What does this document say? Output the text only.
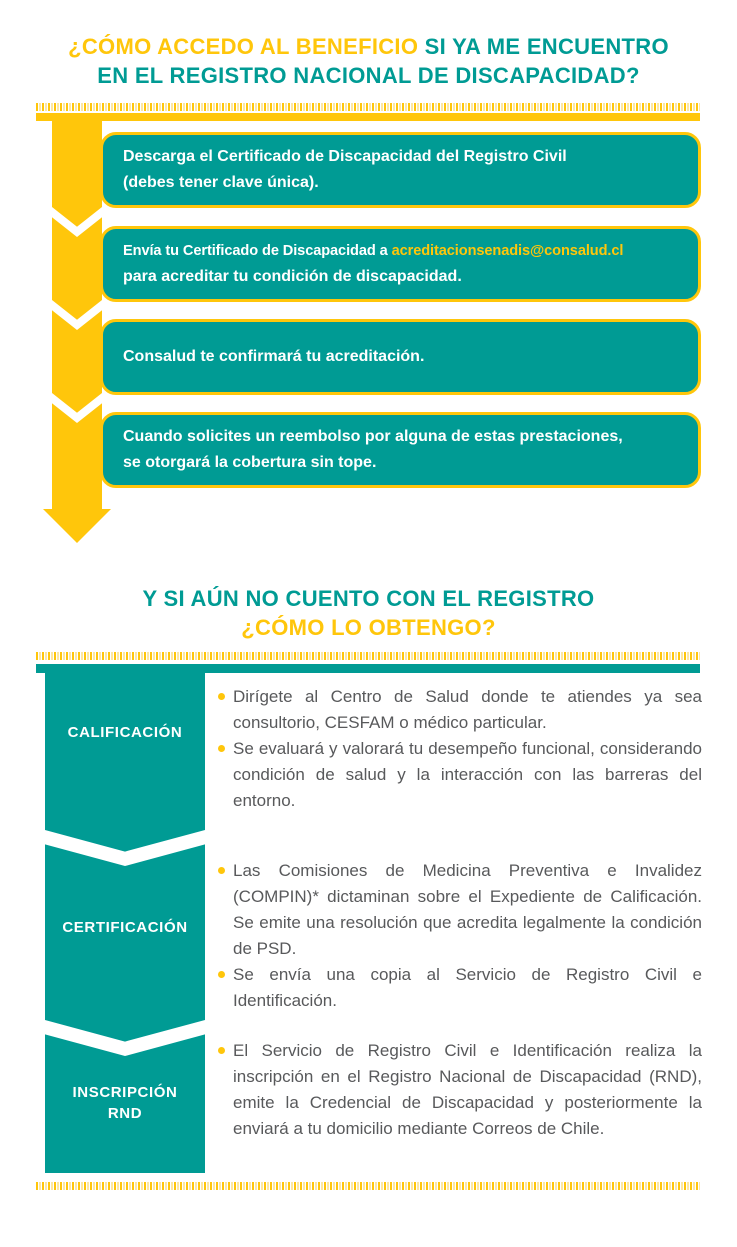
¿CÓMO ACCEDO AL BENEFICIO SI YA ME ENCUENTRO
EN EL REGISTRO NACIONAL DE DISCAPACIDAD?
Descarga el Certificado de Discapacidad del Registro Civil
(debes tener clave única).
Envía tu Certificado de Discapacidad a acreditacionsenadis@consalud.cl
para acreditar tu condición de discapacidad.
Consalud te confirmará tu acreditación.
Cuando solicites un reembolso por alguna de estas prestaciones,
se otorgará la cobertura sin tope.
Y SI AÚN NO CUENTO CON EL REGISTRO
¿CÓMO LO OBTENGO?
CALIFICACIÓN
CERTIFICACIÓN
INSCRIPCIÓN
RND
Dirígete al Centro de Salud donde te atiendes ya sea consultorio, CESFAM o médico particular.
Se evaluará y valorará tu desempeño funcional, considerando condición de salud y la interacción con las barreras del entorno.
Las Comisiones de Medicina Preventiva e Invalidez (COMPIN)* dictaminan sobre el Expediente de Calificación. Se emite una resolución que acredita legalmente la condición de PSD.
Se envía una copia al Servicio de Registro Civil e Identificación.
El Servicio de Registro Civil e Identificación realiza la inscripción en el Registro Nacional de Discapacidad (RND), emite la Credencial de Discapacidad y posteriormente la enviará a tu domicilio mediante Correos de Chile.
